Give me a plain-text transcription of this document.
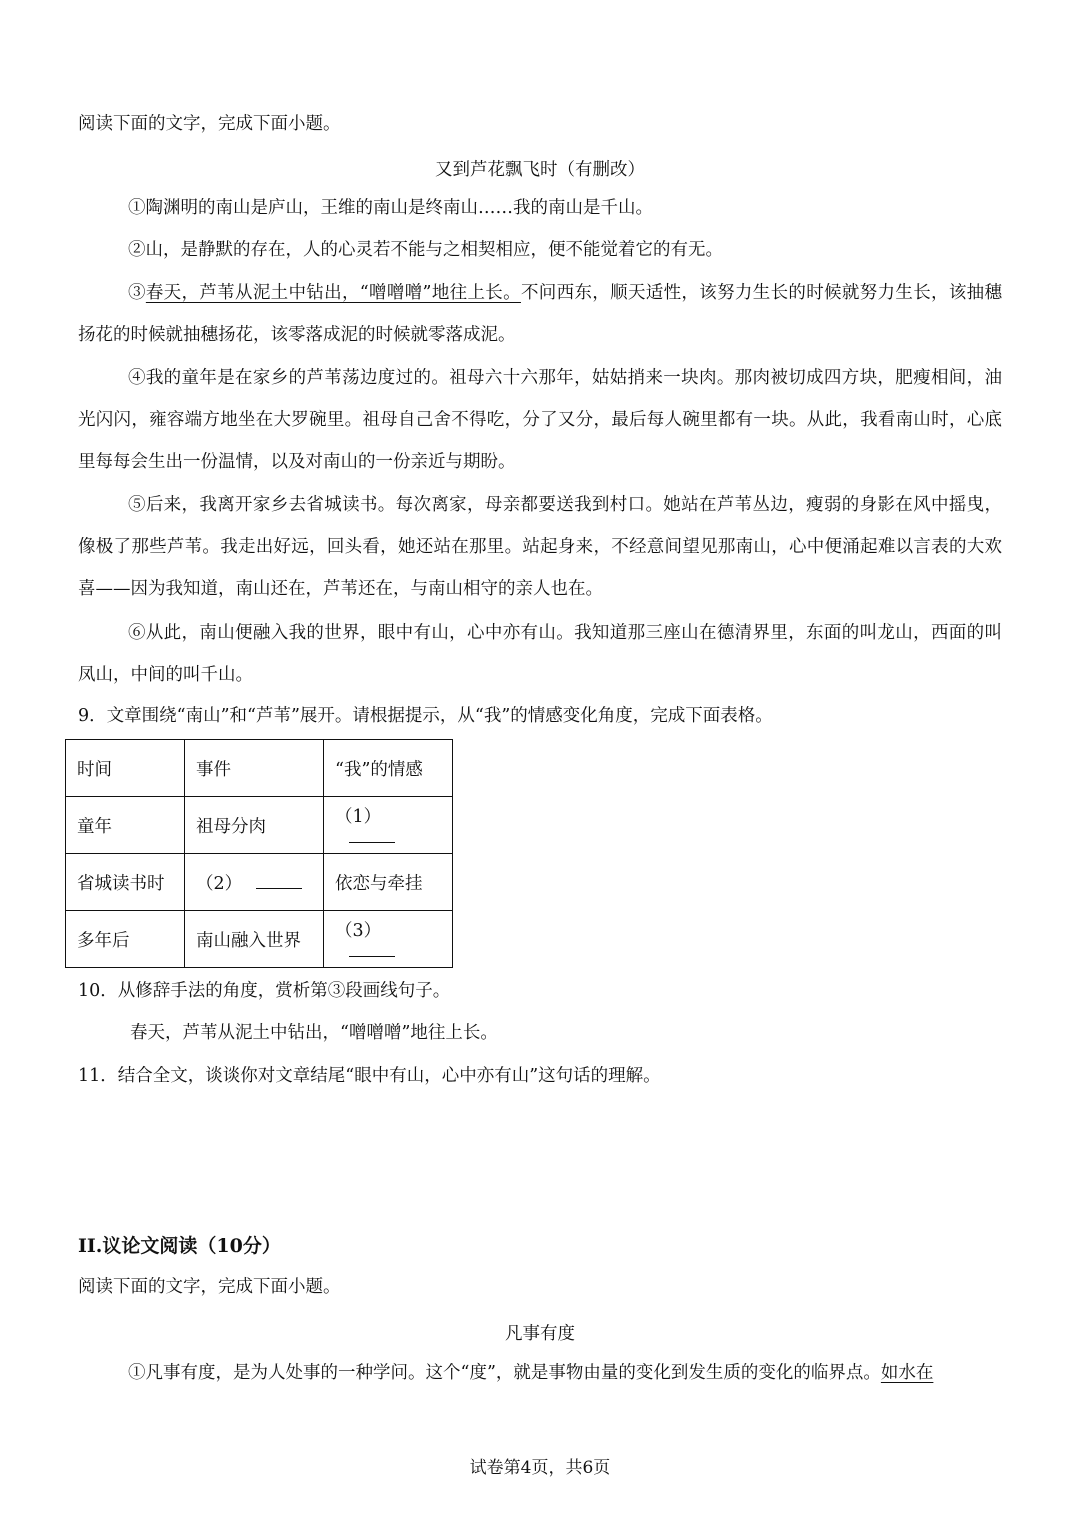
阅读下面的文字，完成下面小题。
又到芦花飘飞时（有删改）

①陶渊明的南山是庐山，王维的南山是终南山……我的南山是千山。

②山，是静默的存在，人的心灵若不能与之相契相应，便不能觉着它的有无。

③春天，芦苇从泥土中钻出，“噌噌噌”地往上长。不问西东，顺天适性，该努力生长的时候就努力生长，该抽穗扬花的时候就抽穗扬花，该零落成泥的时候就零落成泥。

④我的童年是在家乡的芦苇荡边度过的。祖母六十六那年，姑姑捎来一块肉。那肉被切成四方块，肥瘦相间，油光闪闪，雍容端方地坐在大罗碗里。祖母自己舍不得吃，分了又分，最后每人碗里都有一块。从此，我看南山时，心底里每每会生出一份温情，以及对南山的一份亲近与期盼。

⑤后来，我离开家乡去省城读书。每次离家，母亲都要送我到村口。她站在芦苇丛边，瘦弱的身影在风中摇曳，像极了那些芦苇。我走出好远，回头看，她还站在那里。站起身来，不经意间望见那南山，心中便涌起难以言表的大欢喜——因为我知道，南山还在，芦苇还在，与南山相守的亲人也在。

⑥从此，南山便融入我的世界，眼中有山，心中亦有山。我知道那三座山在德清界里，东面的叫龙山，西面的叫凤山，中间的叫千山。

9．文章围绕“南山”和“芦苇”展开。请根据提示，从“我”的情感变化角度，完成下面表格。
时间	事件	“我”的情感
童年	祖母分肉	（1）
省城读书时	（2）	依恋与牵挂
多年后	南山融入世界	（3）
10．从修辞手法的角度，赏析第③段画线句子。
春天，芦苇从泥土中钻出，“噌噌噌”地往上长。
11．结合全文，谈谈你对文章结尾“眼中有山，心中亦有山”这句话的理解。
II.议论文阅读（10分）
阅读下面的文字，完成下面小题。
凡事有度
①凡事有度，是为人处事的一种学问。这个“度”，就是事物由量的变化到发生质的变化的临界点。如水在
试卷第4页，共6页
